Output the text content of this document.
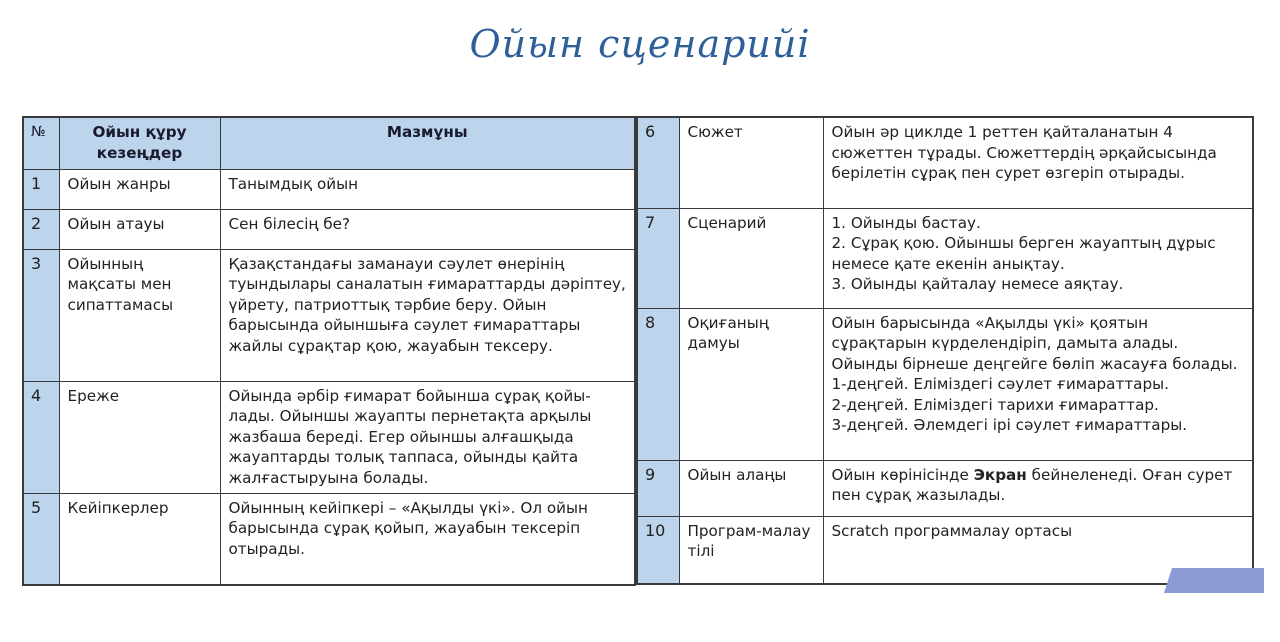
Ойын сценарийі
№	Ойын құру кезеңдер	Мазмұны
1	Ойын жанры	Танымдық ойын
2	Ойын атауы	Сен білесің бе?
3	Ойынның мақсаты мен сипаттамасы	Қазақстандағы заманауи сәулет өнерінің туындылары саналатын ғимараттарды дәріптеу, үйрету, патриоттық тәрбие беру. Ойын барысында ойыншыға сәулет ғимараттары жайлы сұрақтар қою, жауабын тексеру.
4	Ереже	Ойында әрбір ғимарат бойынша сұрақ қойы- лады. Ойыншы жауапты пернетақта арқылы жазбаша береді. Егер ойыншы алғашқыда жауаптарды толық таппаса, ойынды қайта жалғастыруына болады.
5	Кейіпкерлер	Ойынның кейіпкері – «Ақылды үкі». Ол ойын барысында сұрақ қойып, жауабын тексеріп отырады.
6	Сюжет	Ойын әр циклде 1 реттен қайталанатын 4 сюжеттен тұрады. Сюжеттердің әрқайсысында берілетін сұрақ пен сурет өзгеріп отырады.
7	Сценарий	1. Ойынды бастау.
2. Сұрақ қою. Ойыншы берген жауаптың дұрыс немесе қате екенін анықтау.
3. Ойынды қайталау немесе аяқтау.

8	Оқиғаның дамуы	Ойын барысында «Ақылды үкі» қоятын сұрақтарын күрделендіріп, дамыта алады. Ойынды бірнеше деңгейге бөліп жасауға болады.
1-деңгей. Еліміздегі сәулет ғимараттары.
2-деңгей. Еліміздегі тарихи ғимараттар.
3-деңгей. Әлемдегі ірі сәулет ғимараттары.

9	Ойын алаңы	Ойын көрінісінде Экран бейнеленеді. Оған сурет пен сұрақ жазылады.
10	Програм-малау тілі	Scratch программалау ортасы
